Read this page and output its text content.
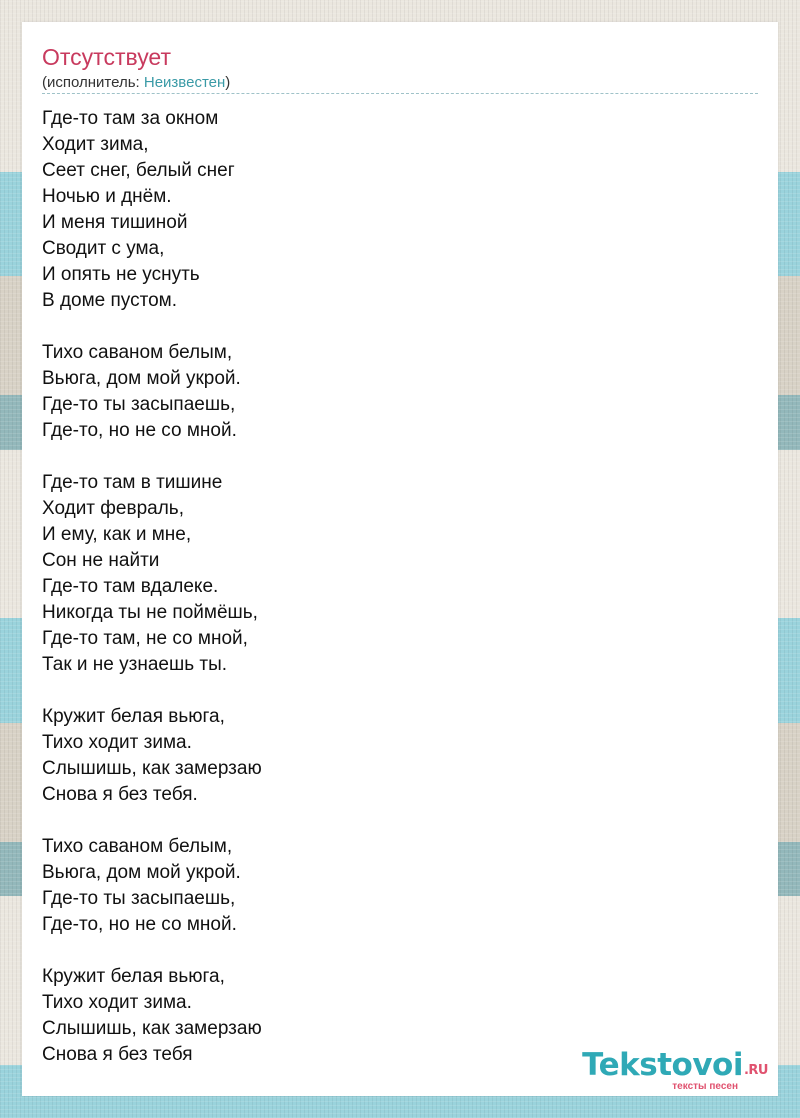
Отсутствует
(исполнитель: Неизвестен)
Где-то там за окном
Ходит зима,
Сеет снег, белый снег
Ночью и днём.
И меня тишиной
Сводит с ума,
И опять не уснуть
В доме пустом.
Тихо саваном белым,
Вьюга, дом мой укрой.
Где-то ты засыпаешь,
Где-то, но не со мной.
Где-то там в тишине
Ходит февраль,
И ему, как и мне,
Сон не найти
Где-то там вдалеке.
Никогда ты не поймёшь,
Где-то там, не со мной,
Так и не узнаешь ты.
Кружит белая вьюга,
Тихо ходит зима.
Слышишь, как замерзаю
Снова я без тебя.
Тихо саваном белым,
Вьюга, дом мой укрой.
Где-то ты засыпаешь,
Где-то, но не со мной.
Кружит белая вьюга,
Тихо ходит зима.
Слышишь, как замерзаю
Снова я без тебя	Tekstovoi$^{.RU}$
тексты песен
